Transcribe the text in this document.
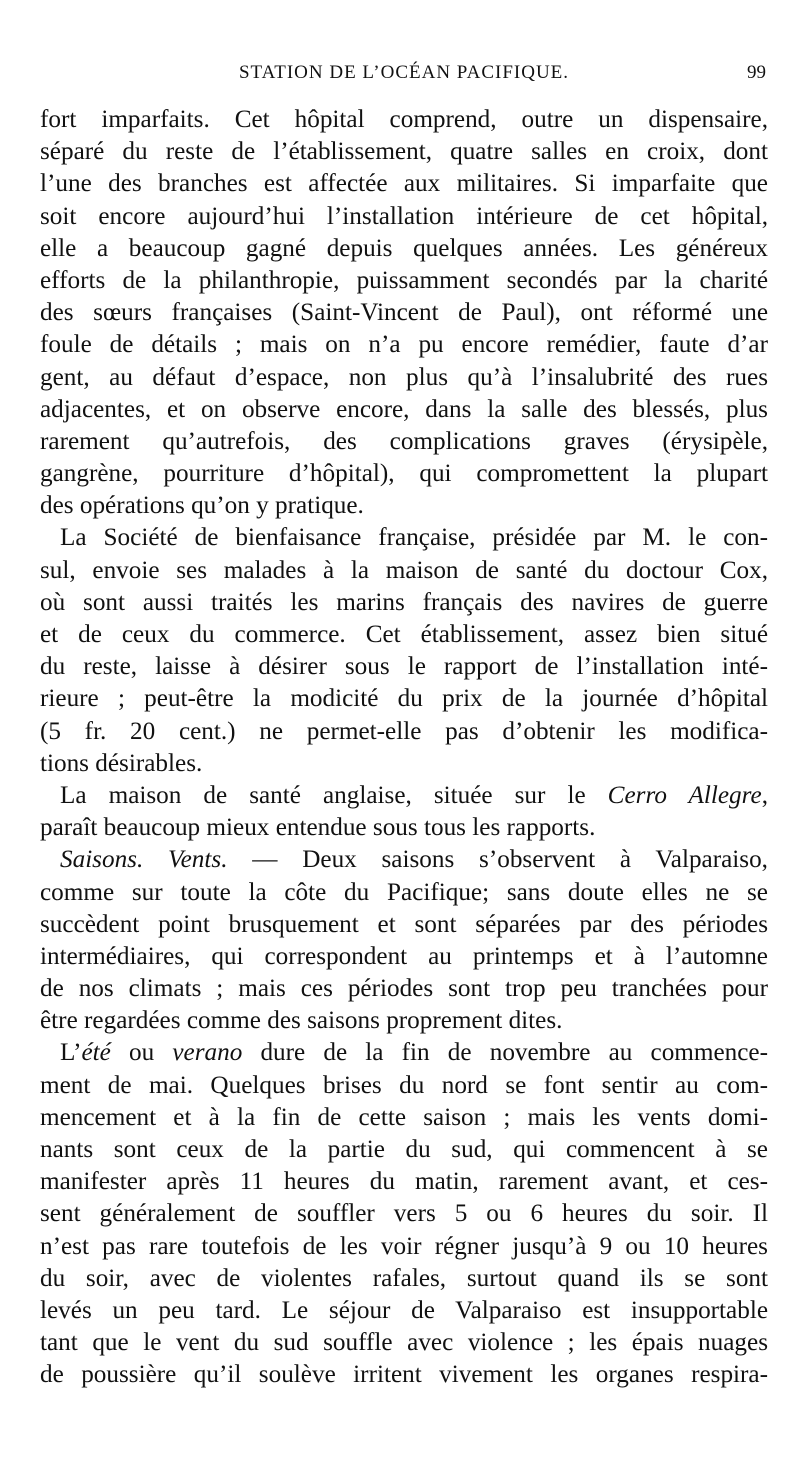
STATION DE L’OCÉAN PACIFIQUE.	99
fort imparfaits. Cet hôpital comprend, outre un dispensaire,
séparé du reste de l’établissement, quatre salles en croix, dont
l’une des branches est affectée aux militaires. Si imparfaite que
soit encore aujourd’hui l’installation intérieure de cet hôpital,
elle a beaucoup gagné depuis quelques années. Les généreux
efforts de la philanthropie, puissamment secondés par la charité
des sœurs françaises (Saint-Vincent de Paul), ont réformé une
foule de détails ; mais on n’a pu encore remédier, faute d’ar
gent, au défaut d’espace, non plus qu’à l’insalubrité des rues
adjacentes, et on observe encore, dans la salle des blessés, plus
rarement qu’autrefois, des complications graves (érysipèle,
gangrène, pourriture d’hôpital), qui compromettent la plupart
des opérations qu’on y pratique.
La Société de bienfaisance française, présidée par M. le con-
sul, envoie ses malades à la maison de santé du doctour Cox,
où sont aussi traités les marins français des navires de guerre
et de ceux du commerce. Cet établissement, assez bien situé
du reste, laisse à désirer sous le rapport de l’installation inté-
rieure ; peut-être la modicité du prix de la journée d’hôpital
(5 fr. 20 cent.) ne permet-elle pas d’obtenir les modifica-
tions désirables.
La maison de santé anglaise, située sur le Cerro Allegre,
paraît beaucoup mieux entendue sous tous les rapports.
Saisons. Vents. — Deux saisons s’observent à Valparaiso,
comme sur toute la côte du Pacifique; sans doute elles ne se
succèdent point brusquement et sont séparées par des périodes
intermédiaires, qui correspondent au printemps et à l’automne
de nos climats ; mais ces périodes sont trop peu tranchées pour
être regardées comme des saisons proprement dites.
L’été ou verano dure de la fin de novembre au commence-
ment de mai. Quelques brises du nord se font sentir au com-
mencement et à la fin de cette saison ; mais les vents domi-
nants sont ceux de la partie du sud, qui commencent à se
manifester après 11 heures du matin, rarement avant, et ces-
sent généralement de souffler vers 5 ou 6 heures du soir. Il
n’est pas rare toutefois de les voir régner jusqu’à 9 ou 10 heures
du soir, avec de violentes rafales, surtout quand ils se sont
levés un peu tard. Le séjour de Valparaiso est insupportable
tant que le vent du sud souffle avec violence ; les épais nuages
de poussière qu’il soulève irritent vivement les organes respira-
